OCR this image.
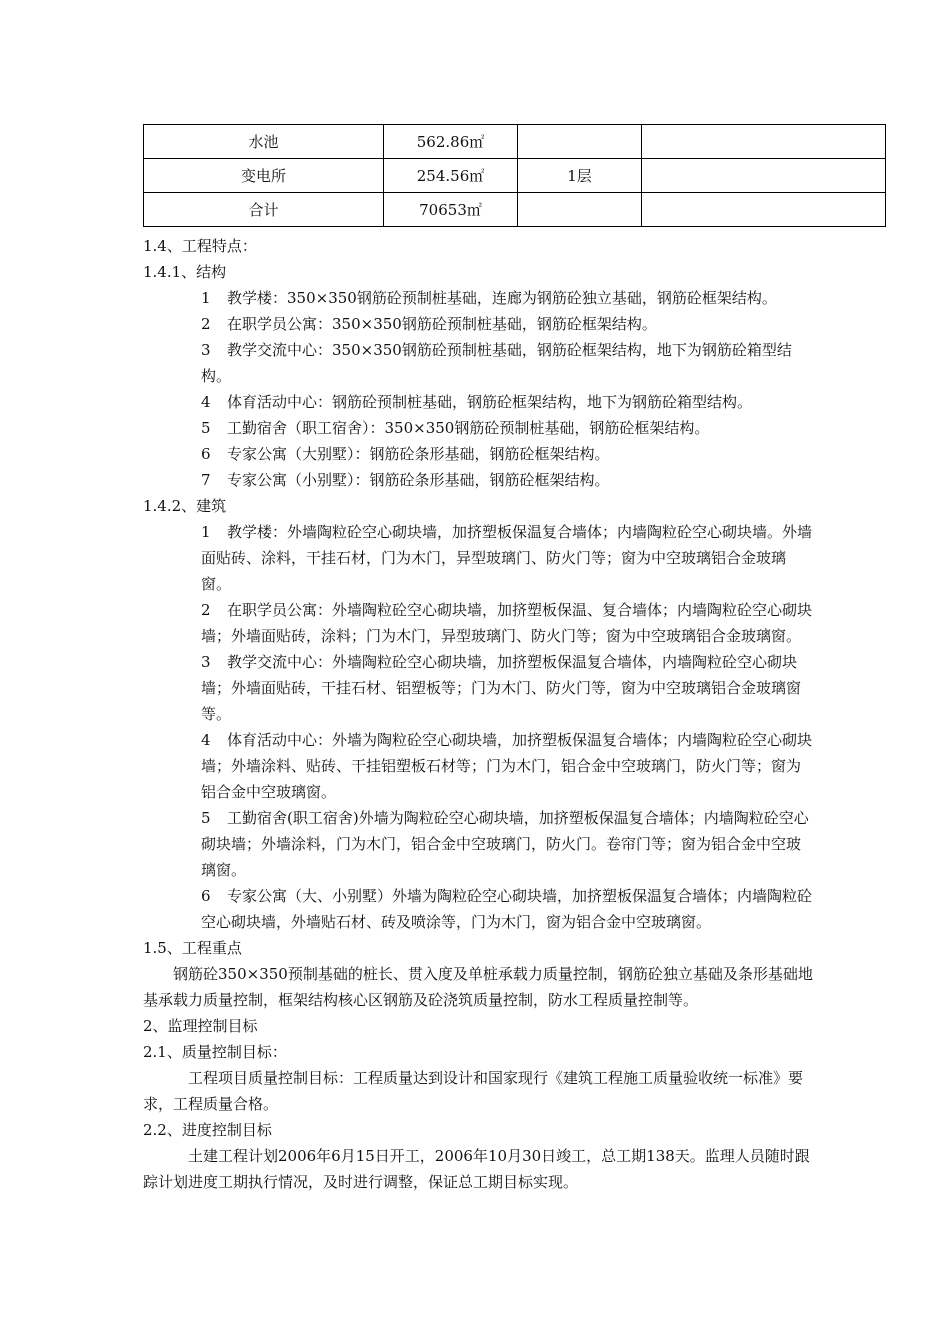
水池	562.86㎡		
变电所	254.56㎡	1层	
合计	70653㎡		

1.4、工程特点：

1.4.1、结构

1 教学楼：350×350钢筋砼预制桩基础，连廊为钢筋砼独立基础，钢筋砼框架结构。

2 在职学员公寓：350×350钢筋砼预制桩基础，钢筋砼框架结构。

3 教学交流中心：350×350钢筋砼预制桩基础，钢筋砼框架结构，地下为钢筋砼箱型结构。

4 体育活动中心：钢筋砼预制桩基础，钢筋砼框架结构，地下为钢筋砼箱型结构。

5 工勤宿舍（职工宿舍）：350×350钢筋砼预制桩基础，钢筋砼框架结构。

6 专家公寓（大别墅）：钢筋砼条形基础，钢筋砼框架结构。

7 专家公寓（小别墅）：钢筋砼条形基础，钢筋砼框架结构。

1.4.2、建筑

1 教学楼：外墙陶粒砼空心砌块墙，加挤塑板保温复合墙体；内墙陶粒砼空心砌块墙。外墙面贴砖、涂料，干挂石材，门为木门，异型玻璃门、防火门等；窗为中空玻璃铝合金玻璃窗。

2 在职学员公寓：外墙陶粒砼空心砌块墙，加挤塑板保温、复合墙体；内墙陶粒砼空心砌块墙；外墙面贴砖，涂料；门为木门，异型玻璃门、防火门等；窗为中空玻璃铝合金玻璃窗。

3 教学交流中心：外墙陶粒砼空心砌块墙，加挤塑板保温复合墙体，内墙陶粒砼空心砌块墙；外墙面贴砖，干挂石材、铝塑板等；门为木门、防火门等，窗为中空玻璃铝合金玻璃窗等。

4 体育活动中心：外墙为陶粒砼空心砌块墙，加挤塑板保温复合墙体；内墙陶粒砼空心砌块墙；外墙涂料、贴砖、干挂铝塑板石材等；门为木门，铝合金中空玻璃门，防火门等；窗为铝合金中空玻璃窗。

5 工勤宿舍(职工宿舍)外墙为陶粒砼空心砌块墙，加挤塑板保温复合墙体；内墙陶粒砼空心砌块墙；外墙涂料，门为木门，铝合金中空玻璃门，防火门。卷帘门等；窗为铝合金中空玻璃窗。

6 专家公寓（大、小别墅）外墙为陶粒砼空心砌块墙，加挤塑板保温复合墙体；内墙陶粒砼空心砌块墙，外墙贴石材、砖及喷涂等，门为木门，窗为铝合金中空玻璃窗。

1.5、工程重点

钢筋砼350×350预制基础的桩长、贯入度及单桩承载力质量控制，钢筋砼独立基础及条形基础地基承载力质量控制，框架结构核心区钢筋及砼浇筑质量控制，防水工程质量控制等。

2、监理控制目标

2.1、质量控制目标：

工程项目质量控制目标：工程质量达到设计和国家现行《建筑工程施工质量验收统一标准》要求，工程质量合格。

2.2、进度控制目标

土建工程计划2006年6月15日开工，2006年10月30日竣工，总工期138天。监理人员随时跟踪计划进度工期执行情况，及时进行调整，保证总工期目标实现。
